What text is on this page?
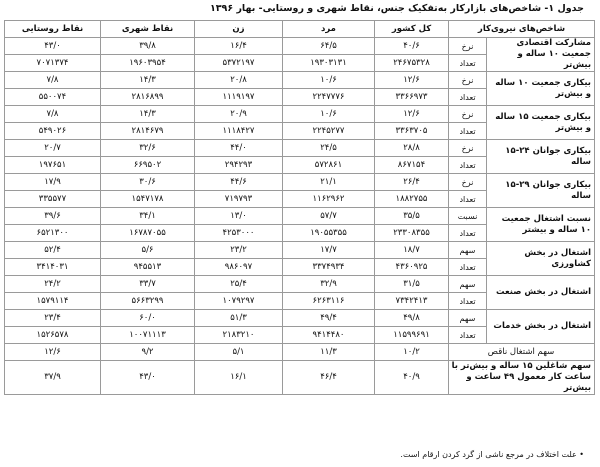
جدول ۱- شاخص‌های بازارکار به‌تفکیک جنس، نقاط شهری و روستایی- بهار ۱۳۹۶
شاخص‌های نیروی‌کار		کل کشور	مرد	زن	نقاط شهری	نقاط روستایی
مشارکت اقتصادی جمعیت ۱۰ ساله و بیش‌تر	نرخ	۴۰/۶	۶۴/۵	۱۶/۴	۳۹/۸	۴۳/۰
	تعداد	۲۴۶۷۵۳۲۸	۱۹۳۰۳۱۳۱	۵۳۷۲۱۹۷	۱۹۶۰۳۹۵۴	۷۰۷۱۳۷۴
بیکاری جمعیت ۱۰ ساله و بیش‌تر	نرخ	۱۲/۶	۱۰/۶	۲۰/۸	۱۴/۳	۷/۸
	تعداد	۳۳۶۶۹۷۳	۲۲۴۷۷۷۶	۱۱۱۹۱۹۷	۲۸۱۶۸۹۹	۵۵۰۰۷۴
بیکاری جمعیت ۱۵ ساله و بیش‌تر	نرخ	۱۲/۶	۱۰/۶	۲۰/۹	۱۴/۳	۷/۸
	تعداد	۳۳۶۳۷۰۵	۲۲۴۵۲۷۷	۱۱۱۸۴۲۷	۲۸۱۴۶۷۹	۵۴۹۰۲۶
بیکاری جوانان ۲۴-۱۵ ساله	نرخ	۲۸/۸	۲۴/۵	۴۴/۰	۳۲/۶	۲۰/۷
	تعداد	۸۶۷۱۵۴	۵۷۲۸۶۱	۲۹۴۲۹۳	۶۶۹۵۰۲	۱۹۷۶۵۱
بیکاری جوانان ۲۹-۱۵ ساله	نرخ	۲۶/۴	۲۱/۱	۴۴/۶	۳۰/۶	۱۷/۹
	تعداد	۱۸۸۲۷۵۵	۱۱۶۲۹۶۲	۷۱۹۷۹۳	۱۵۴۷۱۷۸	۳۳۵۵۷۷
نسبت اشتغال جمعیت ۱۰ ساله و بیشتر	نسبت	۳۵/۵	۵۷/۷	۱۳/۰	۳۴/۱	۳۹/۶
	تعداد	۲۳۳۰۸۳۵۵	۱۹۰۵۵۳۵۵	۴۲۵۳۰۰۰	۱۶۷۸۷۰۵۵	۶۵۲۱۳۰۰
اشتغال در بخش کشاورزی	سهم	۱۸/۷	۱۷/۷	۲۳/۲	۵/۶	۵۲/۴
	تعداد	۴۳۶۰۹۲۵	۳۳۷۴۹۳۴	۹۸۶۰۹۷	۹۴۵۵۱۳	۳۴۱۴۰۳۱
اشتغال در بخش صنعت	سهم	۳۱/۵	۳۲/۹	۲۵/۴	۳۳/۷	۲۴/۲
	تعداد	۷۳۴۲۴۱۳	۶۲۶۳۱۱۶	۱۰۷۹۲۹۷	۵۶۶۳۲۹۹	۱۵۷۹۱۱۴
اشتغال در بخش خدمات	سهم	۴۹/۸	۴۹/۴	۵۱/۳	۶۰/۰	۲۳/۴
	تعداد	۱۱۵۹۹۶۹۱	۹۴۱۴۴۸۰	۲۱۸۳۲۱۰	۱۰۰۷۱۱۱۳	۱۵۲۶۵۷۸
سهم اشتغال ناقص		۱۰/۲	۱۱/۳	۵/۱	۹/۲	۱۲/۶
سهم شاغلین ۱۵ ساله و بیش‌تر با ساعت کار معمول ۴۹ ساعت و بیش‌تر		۴۰/۹	۴۶/۴	۱۶/۱	۴۳/۰	۳۷/۹
• علت اختلاف در مرجع ناشی از گرد کردن ارقام است.
